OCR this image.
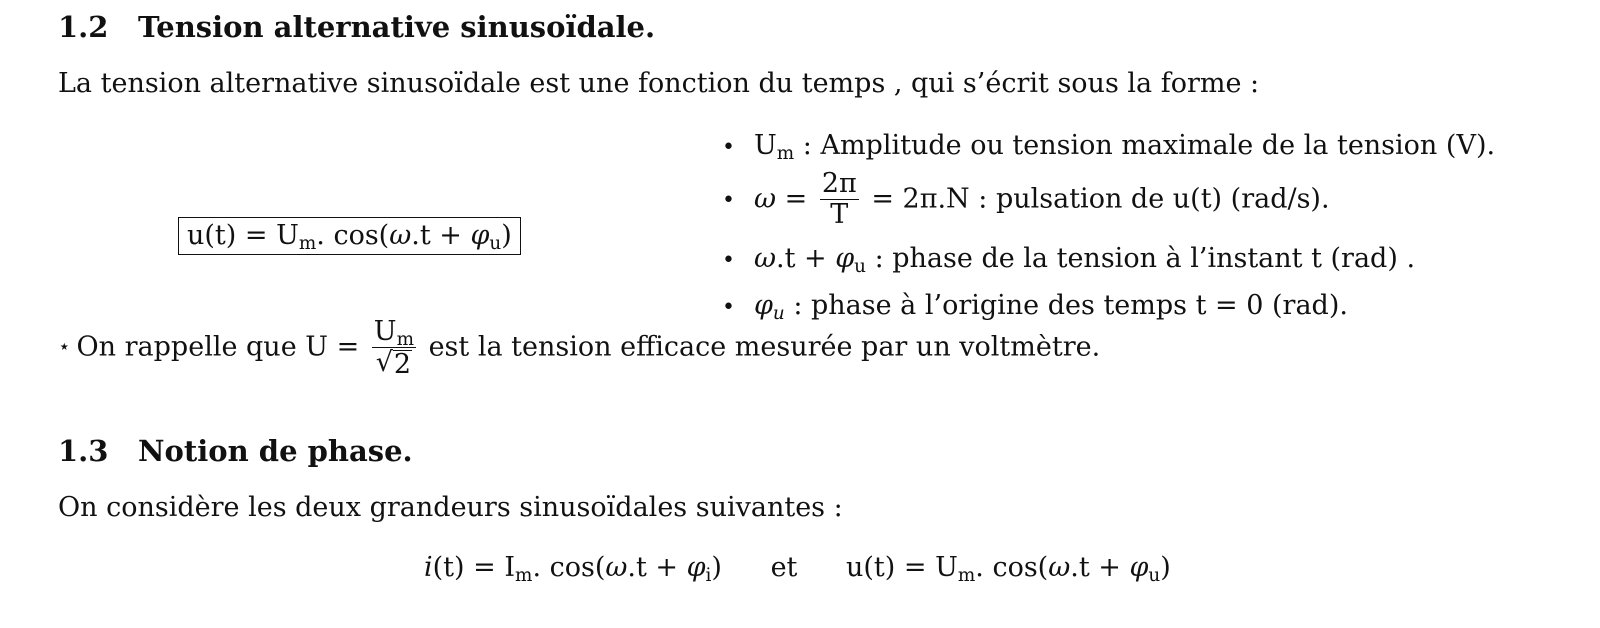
1.2 Tension alternative sinusoïdale.
La tension alternative sinusoïdale est une fonction du temps , qui s’écrit sous la forme :
$u(t) = U_m$. $\cos(\omega.t + \varphi_u)$
• $U_m$ : Amplitude ou tension maximale de la tension (V).
• $\omega = \frac{2\pi}{T} = 2\pi.N$ : pulsation de u(t) (rad/s).
• $\omega.t + \varphi_u$ : phase de la tension à l’instant t (rad) .
• $\varphi_u$ : phase à l’origine des temps t = 0 (rad).
⋆ On rappelle que $U = \frac{U_m}{√ 2}$ est la tension efficace mesurée par un voltmètre.
1.3 Notion de phase.
On considère les deux grandeurs sinusoïdales suivantes :
$i(t) = I_m$. $\cos(\omega.t + \varphi_i)$ et $u(t) = U_m$. $\cos(\omega.t + \varphi_u)$
